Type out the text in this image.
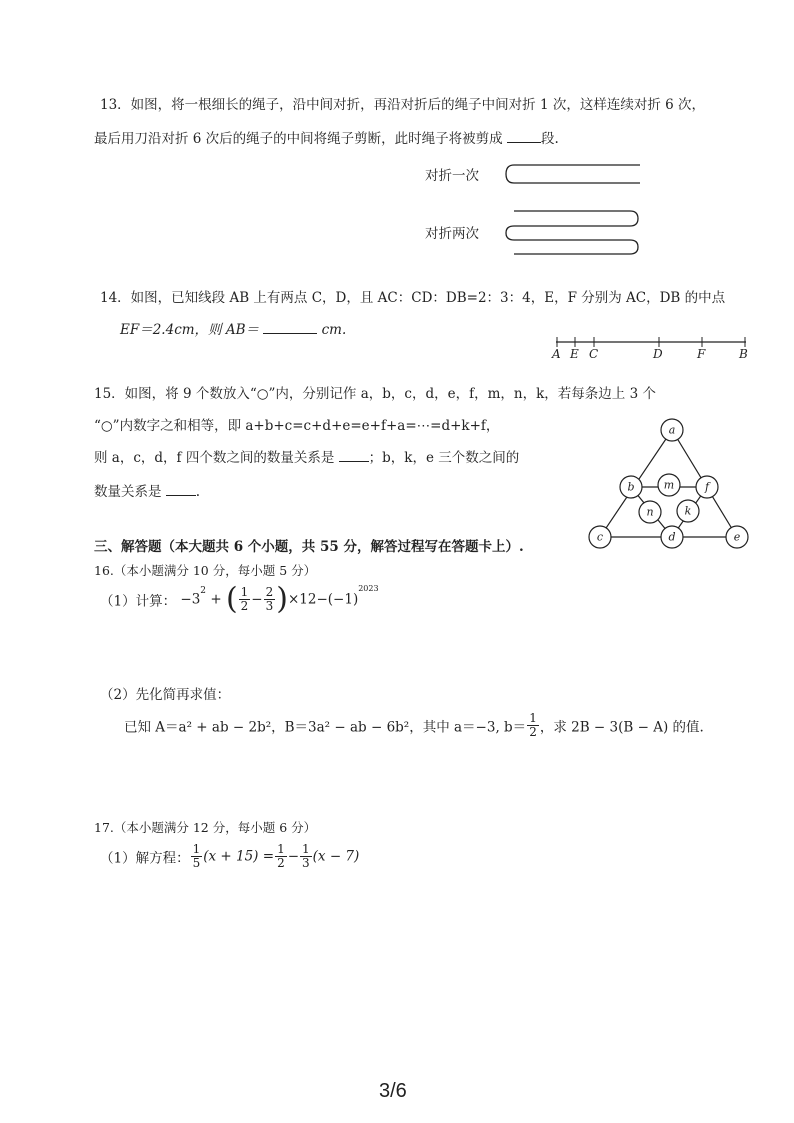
13．如图，将一根细长的绳子，沿中间对折，再沿对折后的绳子中间对折 1 次，这样连续对折 6 次，
最后用刀沿对折 6 次后的绳子的中间将绳子剪断，此时绳子将被剪成	段.
对折一次
对折两次
14．如图，已知线段 AB 上有两点 C，D，且 AC：CD：DB=2：3：4，E，F 分别为 AC，DB 的中点
EF＝2.4cm，则 AB＝	cm.
A E C	D	F	B
15．如图，将 9 个数放入“○”内，分别记作 a，b，c，d，e，f，m，n，k，若每条边上 3 个
“○”内数字之和相等，即 a+b+c=c+d+e=e+f+a=⋯=d+k+f，
则 a，c，d，f 四个数之间的数量关系是	；b，k，e 三个数之间的
数量关系是	.
a
b	m	f
n	k
c	d	e
三、解答题（本大题共 6 个小题，共 55 分，解答过程写在答题卡上）.
16.（本小题满分 10 分，每小题 5 分）
（1）计算： $-3^2$ + ( $\frac{1}{2} - \frac{2}{3} )\times 12-(-1)^{2023}$
（2）先化简再求值：
已知 A＝a² + ab − 2b²，B＝3a² − ab − 6b²，其中 a＝−3, $b= \frac{1}{2}$ ，求 2B − 3(B − A) 的值.
17.（本小题满分 12 分，每小题 6 分）
（1）解方程： $\frac{1}{5} (x + 15) = \frac{1}{2} - \frac{1}{3} (x - 7)$
3/6
